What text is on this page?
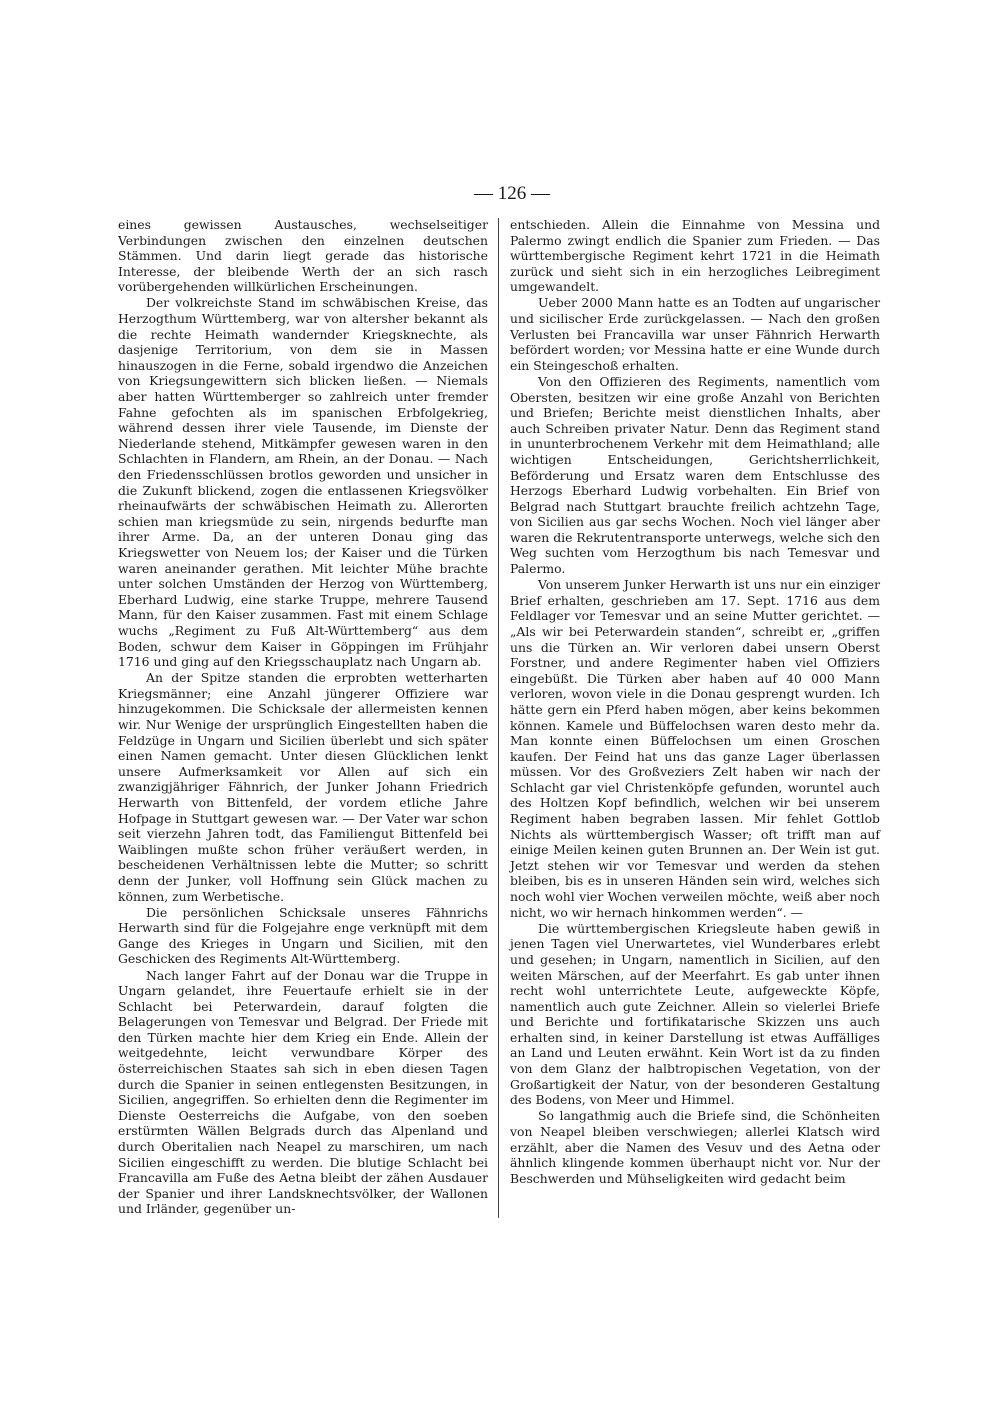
— 126 —

eines gewissen Austausches, wechselseitiger Verbindungen zwischen den einzelnen deutschen Stämmen. Und darin liegt gerade das historische Interesse, der bleibende Werth der an sich rasch vorübergehenden willkürlichen Erscheinungen.

Der volkreichste Stand im schwäbischen Kreise, das Herzogthum Württemberg, war von altersher bekannt als die rechte Heimath wandernder Kriegsknechte, als dasjenige Territorium, von dem sie in Massen hinauszogen in die Ferne, sobald irgendwo die Anzeichen von Kriegsungewittern sich blicken ließen. — Niemals aber hatten Württemberger so zahlreich unter fremder Fahne gefochten als im spanischen Erbfolgekrieg, während dessen ihrer viele Tausende, im Dienste der Niederlande stehend, Mitkämpfer gewesen waren in den Schlachten in Flandern, am Rhein, an der Donau. — Nach den Friedensschlüssen brotlos geworden und unsicher in die Zukunft blickend, zogen die entlassenen Kriegsvölker rheinaufwärts der schwäbischen Heimath zu. Allerorten schien man kriegsmüde zu sein, nirgends bedurfte man ihrer Arme. Da, an der unteren Donau ging das Kriegswetter von Neuem los; der Kaiser und die Türken waren aneinander gerathen. Mit leichter Mühe brachte unter solchen Umständen der Herzog von Württemberg, Eberhard Ludwig, eine starke Truppe, mehrere Tausend Mann, für den Kaiser zusammen. Fast mit einem Schlage wuchs „Regiment zu Fuß Alt-Württemberg“ aus dem Boden, schwur dem Kaiser in Göppingen im Frühjahr 1716 und ging auf den Kriegsschauplatz nach Ungarn ab.

An der Spitze standen die erprobten wetterharten Kriegsmänner; eine Anzahl jüngerer Offiziere war hinzugekommen. Die Schicksale der allermeisten kennen wir. Nur Wenige der ursprünglich Eingestellten haben die Feldzüge in Ungarn und Sicilien überlebt und sich später einen Namen gemacht. Unter diesen Glücklichen lenkt unsere Aufmerksamkeit vor Allen auf sich ein zwanzigjähriger Fähnrich, der Junker Johann Friedrich Herwarth von Bittenfeld, der vordem etliche Jahre Hofpage in Stuttgart gewesen war. — Der Vater war schon seit vierzehn Jahren todt, das Familiengut Bittenfeld bei Waiblingen mußte schon früher veräußert werden, in bescheidenen Verhältnissen lebte die Mutter; so schritt denn der Junker, voll Hoffnung sein Glück machen zu können, zum Werbetische.

Die persönlichen Schicksale unseres Fähnrichs Herwarth sind für die Folgejahre enge verknüpft mit dem Gange des Krieges in Ungarn und Sicilien, mit den Geschicken des Regiments Alt-Württemberg.

Nach langer Fahrt auf der Donau war die Truppe in Ungarn gelandet, ihre Feuertaufe erhielt sie in der Schlacht bei Peterwardein, darauf folgten die Belagerungen von Temesvar und Belgrad. Der Friede mit den Türken machte hier dem Krieg ein Ende. Allein der weitgedehnte, leicht verwundbare Körper des österreichischen Staates sah sich in eben diesen Tagen durch die Spanier in seinen entlegensten Besitzungen, in Sicilien, angegriffen. So erhielten denn die Regimenter im Dienste Oesterreichs die Aufgabe, von den soeben erstürmten Wällen Belgrads durch das Alpenland und durch Oberitalien nach Neapel zu marschiren, um nach Sicilien eingeschifft zu werden. Die blutige Schlacht bei Francavilla am Fuße des Aetna bleibt der zähen Ausdauer der Spanier und ihrer Landsknechtsvölker, der Wallonen und Irländer, gegenüber un-

entschieden. Allein die Einnahme von Messina und Palermo zwingt endlich die Spanier zum Frieden. — Das württembergische Regiment kehrt 1721 in die Heimath zurück und sieht sich in ein herzogliches Leibregiment umgewandelt.

Ueber 2000 Mann hatte es an Todten auf ungarischer und sicilischer Erde zurückgelassen. — Nach den großen Verlusten bei Francavilla war unser Fähnrich Herwarth befördert worden; vor Messina hatte er eine Wunde durch ein Steingeschoß erhalten.

Von den Offizieren des Regiments, namentlich vom Obersten, besitzen wir eine große Anzahl von Berichten und Briefen; Berichte meist dienstlichen Inhalts, aber auch Schreiben privater Natur. Denn das Regiment stand in ununterbrochenem Verkehr mit dem Heimathland; alle wichtigen Entscheidungen, Gerichtsherrlichkeit, Beförderung und Ersatz waren dem Entschlusse des Herzogs Eberhard Ludwig vorbehalten. Ein Brief von Belgrad nach Stuttgart brauchte freilich achtzehn Tage, von Sicilien aus gar sechs Wochen. Noch viel länger aber waren die Rekrutentransporte unterwegs, welche sich den Weg suchten vom Herzogthum bis nach Temesvar und Palermo.

Von unserem Junker Herwarth ist uns nur ein einziger Brief erhalten, geschrieben am 17. Sept. 1716 aus dem Feldlager vor Temesvar und an seine Mutter gerichtet. — „Als wir bei Peterwardein standen“, schreibt er, „griffen uns die Türken an. Wir verloren dabei unsern Oberst Forstner, und andere Regimenter haben viel Offiziers eingebüßt. Die Türken aber haben auf 40 000 Mann verloren, wovon viele in die Donau gesprengt wurden. Ich hätte gern ein Pferd haben mögen, aber keins bekommen können. Kamele und Büffelochsen waren desto mehr da. Man konnte einen Büffelochsen um einen Groschen kaufen. Der Feind hat uns das ganze Lager überlassen müssen. Vor des Großveziers Zelt haben wir nach der Schlacht gar viel Christenköpfe gefunden, woruntel auch des Holtzen Kopf befindlich, welchen wir bei unserem Regiment haben begraben lassen. Mir fehlet Gottlob Nichts als württembergisch Wasser; oft trifft man auf einige Meilen keinen guten Brunnen an. Der Wein ist gut. Jetzt stehen wir vor Temesvar und werden da stehen bleiben, bis es in unseren Händen sein wird, welches sich noch wohl vier Wochen verweilen möchte, weiß aber noch nicht, wo wir hernach hinkommen werden“. —

Die württembergischen Kriegsleute haben gewiß in jenen Tagen viel Unerwartetes, viel Wunderbares erlebt und gesehen; in Ungarn, namentlich in Sicilien, auf den weiten Märschen, auf der Meerfahrt. Es gab unter ihnen recht wohl unterrichtete Leute, aufgeweckte Köpfe, namentlich auch gute Zeichner. Allein so vielerlei Briefe und Berichte und fortifikatarische Skizzen uns auch erhalten sind, in keiner Darstellung ist etwas Auffälliges an Land und Leuten erwähnt. Kein Wort ist da zu finden von dem Glanz der halbtropischen Vegetation, von der Großartigkeit der Natur, von der besonderen Gestaltung des Bodens, von Meer und Himmel.

So langathmig auch die Briefe sind, die Schönheiten von Neapel bleiben verschwiegen; allerlei Klatsch wird erzählt, aber die Namen des Vesuv und des Aetna oder ähnlich klingende kommen überhaupt nicht vor. Nur der Beschwerden und Mühseligkeiten wird gedacht beim
